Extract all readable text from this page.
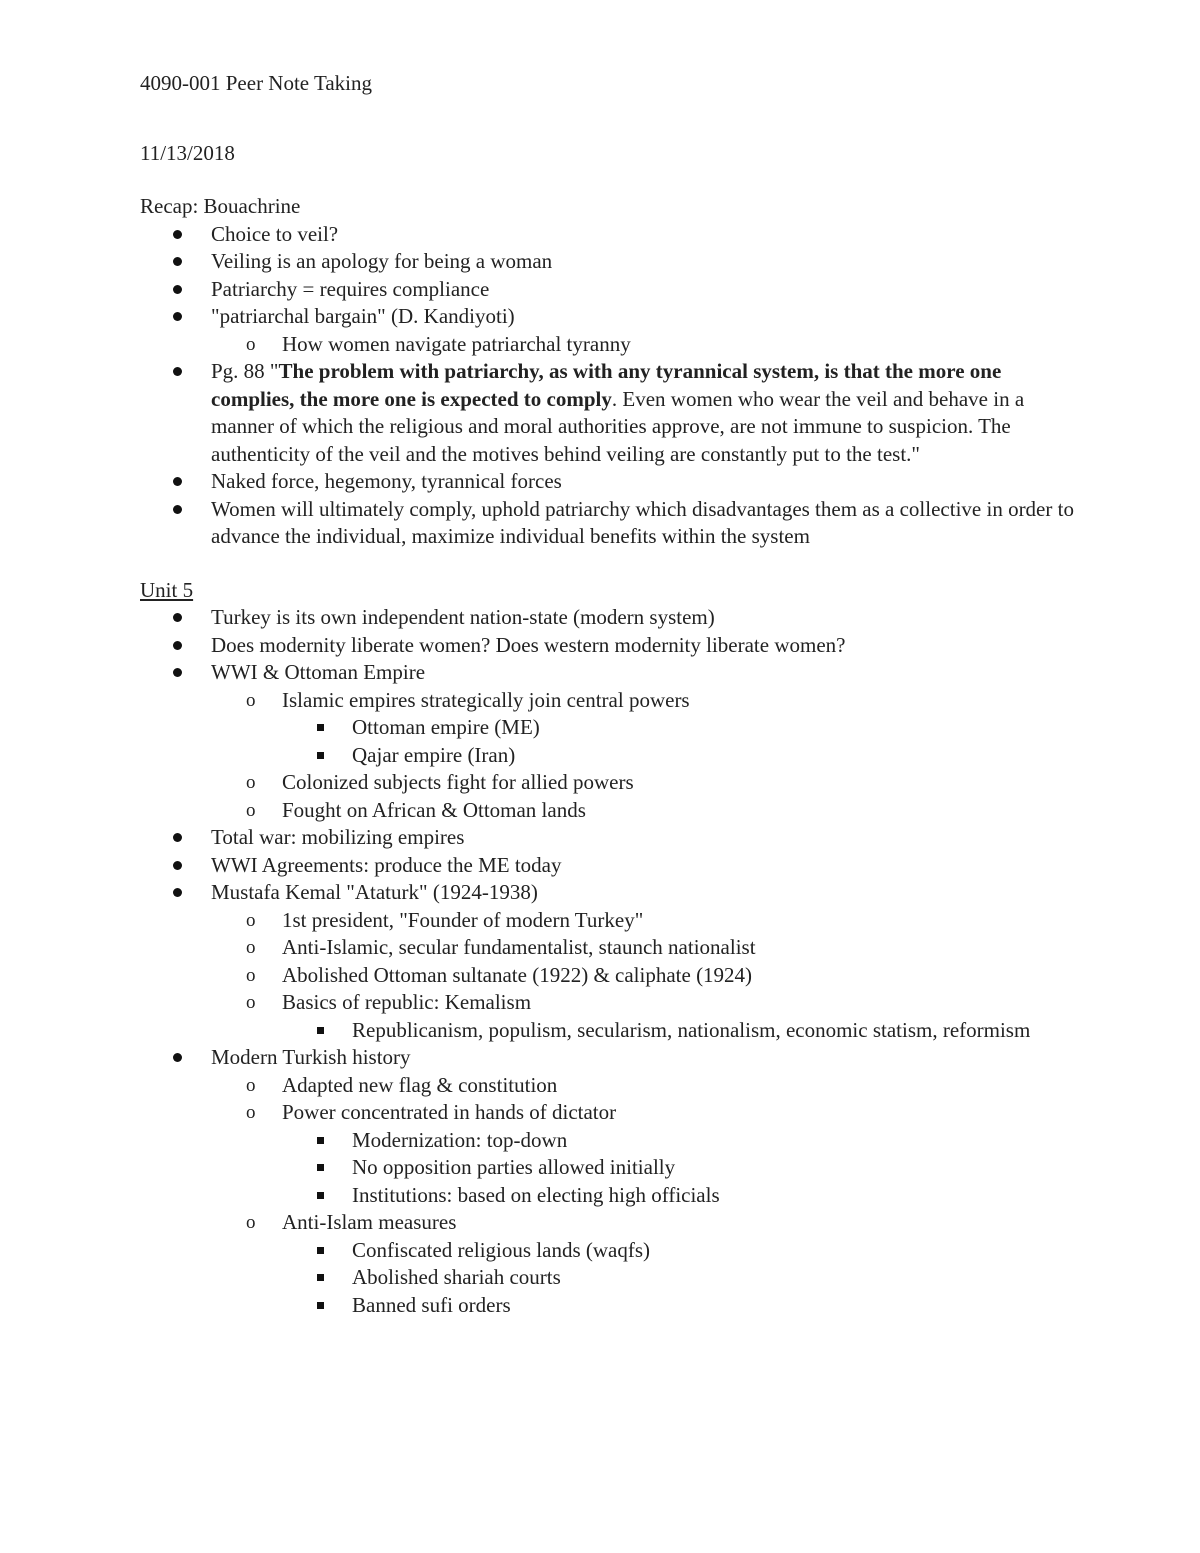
4090-001 Peer Note Taking

11/13/2018

Recap: Bouachrine

Choice to veil?
Veiling is an apology for being a woman
Patriarchy = requires compliance
"patriarchal bargain" (D. Kandiyoti)
o How women navigate patriarchal tyranny
Pg. 88 "The problem with patriarchy, as with any tyrannical system, is that the more one complies, the more one is expected to comply. Even women who wear the veil and behave in a manner of which the religious and moral authorities approve, are not immune to suspicion. The authenticity of the veil and the motives behind veiling are constantly put to the test."
Naked force, hegemony, tyrannical forces
Women will ultimately comply, uphold patriarchy which disadvantages them as a collective in order to advance the individual, maximize individual benefits within the system

Unit 5

Turkey is its own independent nation-state (modern system)
Does modernity liberate women? Does western modernity liberate women?
WWI & Ottoman Empire
o Islamic empires strategically join central powers
Ottoman empire (ME)
Qajar empire (Iran)
o Colonized subjects fight for allied powers
o Fought on African & Ottoman lands
Total war: mobilizing empires
WWI Agreements: produce the ME today
Mustafa Kemal "Ataturk" (1924-1938)
o 1st president, "Founder of modern Turkey"
o Anti-Islamic, secular fundamentalist, staunch nationalist
o Abolished Ottoman sultanate (1922) & caliphate (1924)
o Basics of republic: Kemalism
Republicanism, populism, secularism, nationalism, economic statism, reformism
Modern Turkish history
o Adapted new flag & constitution
o Power concentrated in hands of dictator
Modernization: top-down
No opposition parties allowed initially
Institutions: based on electing high officials
o Anti-Islam measures
Confiscated religious lands (waqfs)
Abolished shariah courts
Banned sufi orders
